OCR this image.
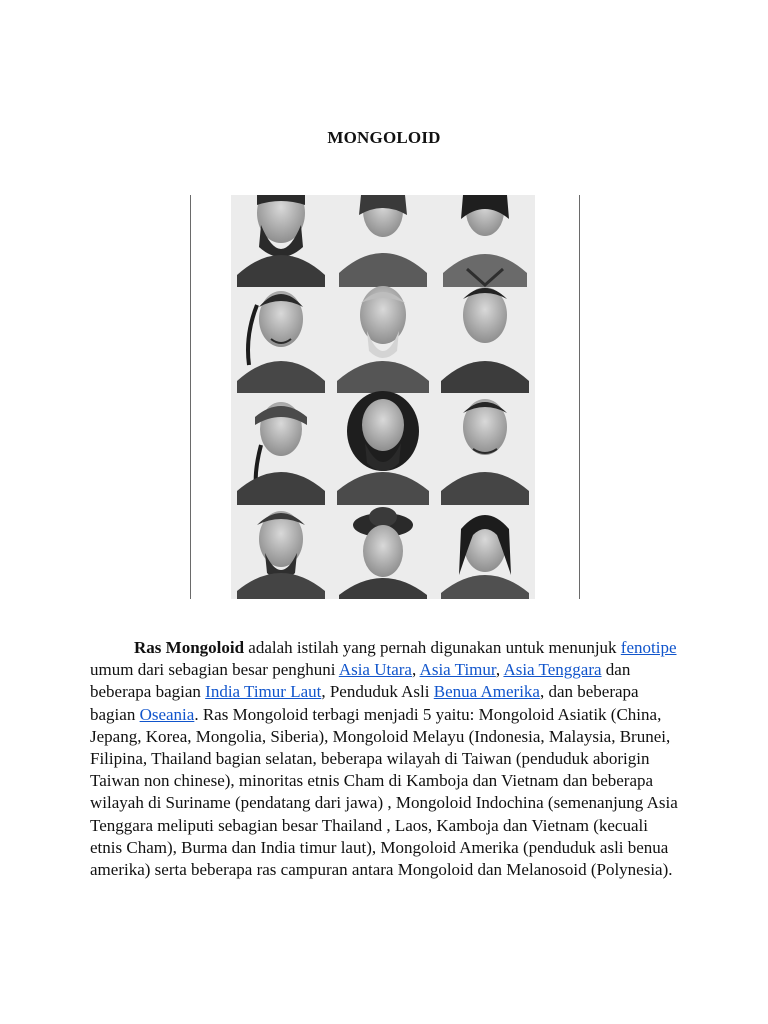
MONGOLOID
Ras Mongoloid adalah istilah yang pernah digunakan untuk menunjuk fenotipe umum dari sebagian besar penghuni Asia Utara, Asia Timur, Asia Tenggara dan beberapa bagian India Timur Laut, Penduduk Asli Benua Amerika, dan beberapa bagian Oseania. Ras Mongoloid terbagi menjadi 5 yaitu: Mongoloid Asiatik (China, Jepang, Korea, Mongolia, Siberia), Mongoloid Melayu (Indonesia, Malaysia, Brunei, Filipina, Thailand bagian selatan, beberapa wilayah di Taiwan (penduduk aborigin Taiwan non chinese), minoritas etnis Cham di Kamboja dan Vietnam dan beberapa wilayah di Suriname (pendatang dari jawa) , Mongoloid Indochina (semenanjung Asia Tenggara meliputi sebagian besar Thailand , Laos, Kamboja dan Vietnam (kecuali etnis Cham), Burma dan India timur laut), Mongoloid Amerika (penduduk asli benua amerika) serta beberapa ras campuran antara Mongoloid dan Melanosoid (Polynesia).
